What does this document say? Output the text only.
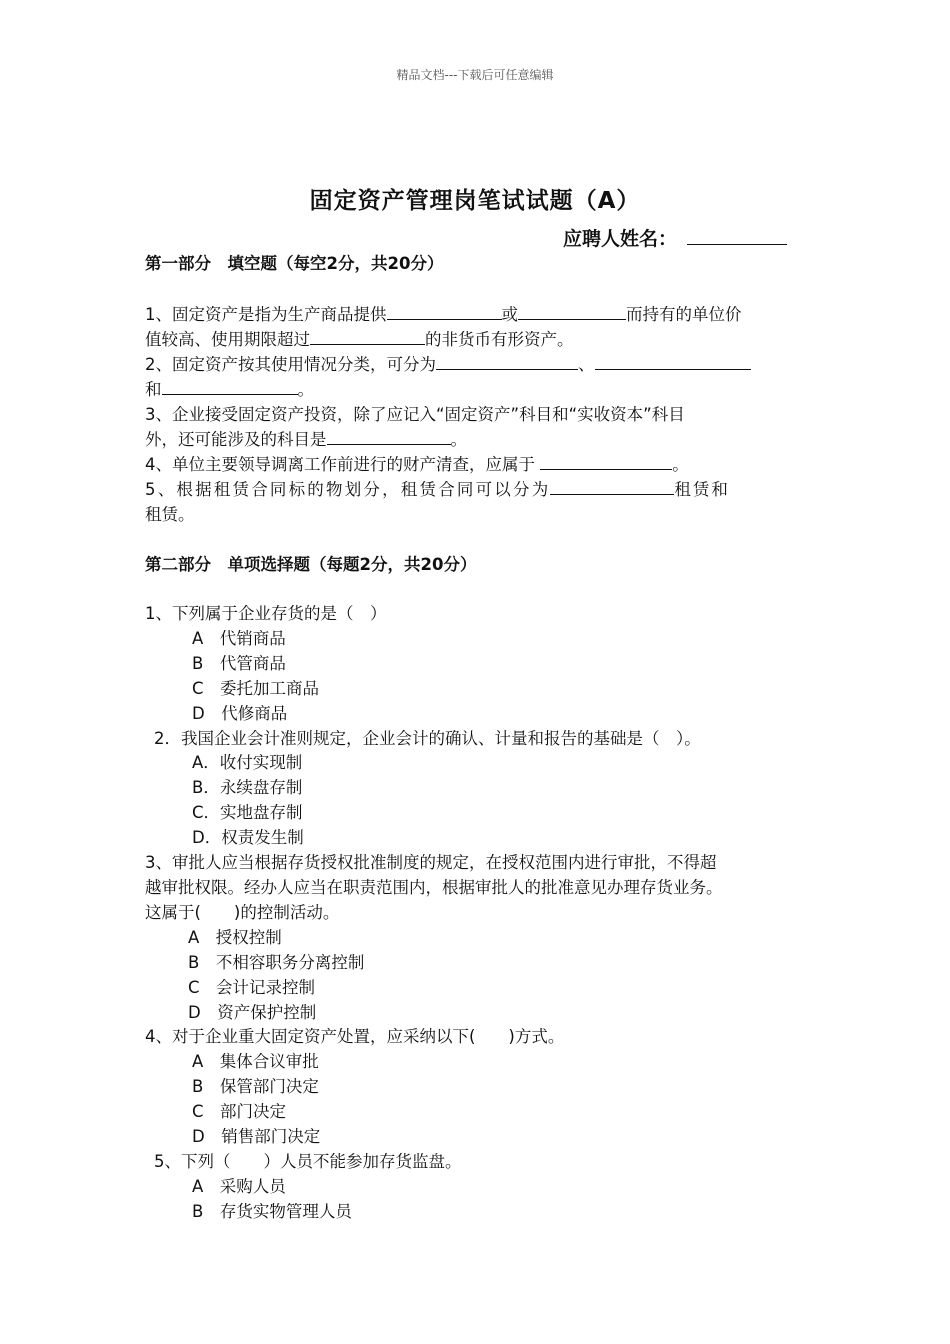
精品文档---下载后可任意编辑
固定资产管理岗笔试试题（A）
应聘人姓名：
第一部分　填空题（每空2分，共20分）
1、固定资产是指为生产商品提供	或	而持有的单位价
值较高、使用期限超过	的非货币有形资产。
2、固定资产按其使用情况分类，可分为	、
和	。
3、企业接受固定资产投资，除了应记入“固定资产”科目和“实收资本”科目
外，还可能涉及的科目是	。
4、单位主要领导调离工作前进行的财产清查，应属于	。
5、根据租赁合同标的物划分，租赁合同可以分为	租赁和
租赁。
第二部分　单项选择题（每题2分，共20分）
1、下列属于企业存货的是（　）
A　代销商品
B　代管商品
C　委托加工商品
D　代修商品
2．我国企业会计准则规定，企业会计的确认、计量和报告的基础是（　）。
A．收付实现制
B．永续盘存制
C．实地盘存制
D．权责发生制
3、审批人应当根据存货授权批准制度的规定，在授权范围内进行审批，不得超
越审批权限。经办人应当在职责范围内，根据审批人的批准意见办理存货业务。
这属于(　　)的控制活动。
A　授权控制
B　不相容职务分离控制
C　会计记录控制
D　资产保护控制
4、对于企业重大固定资产处置，应采纳以下(　　)方式。
A　集体合议审批
B　保管部门决定
C　部门决定
D　销售部门决定
5、下列（　　）人员不能参加存货监盘。
A　采购人员
B　存货实物管理人员
